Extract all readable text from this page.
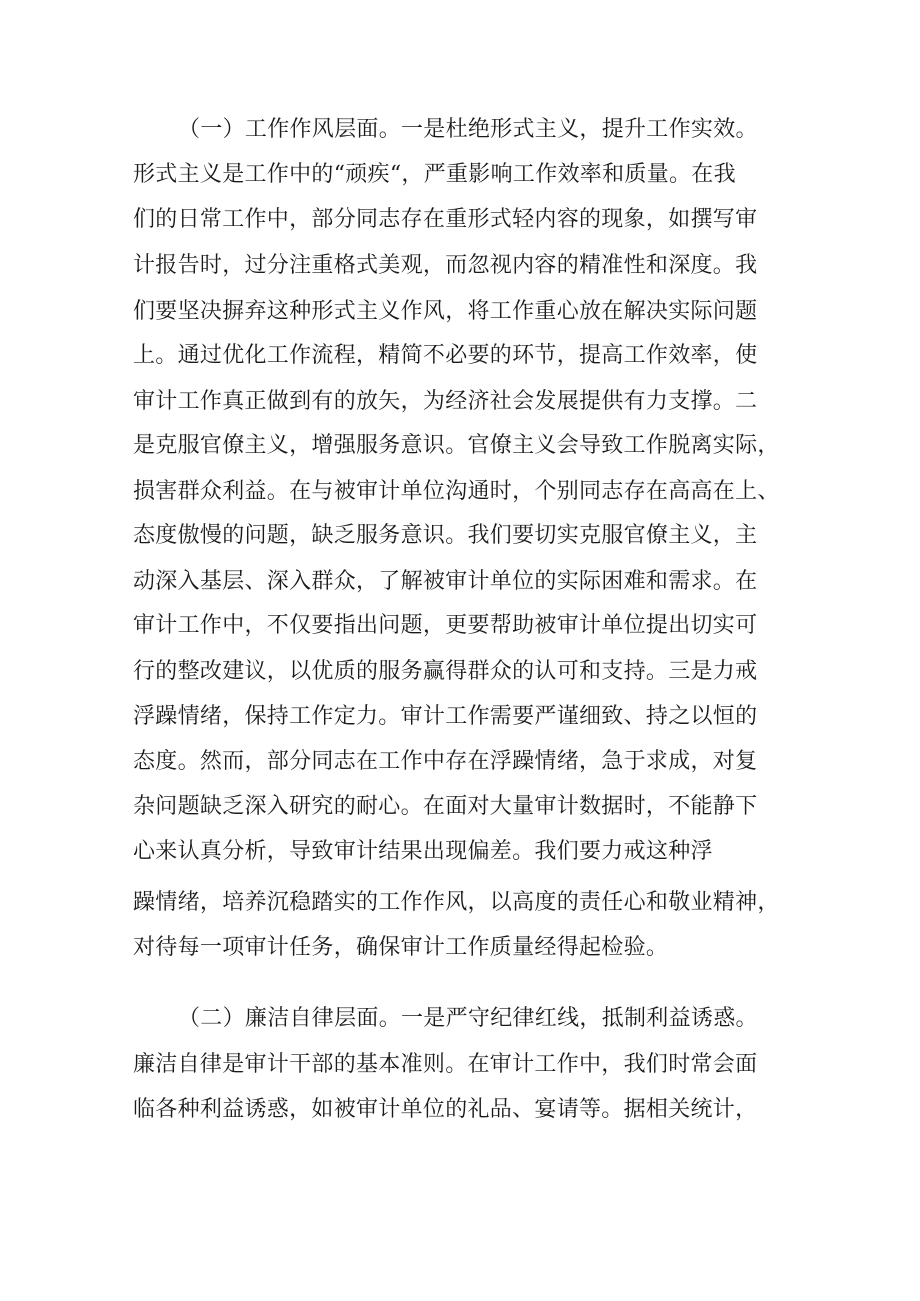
（一）工作作风层面。一是杜绝形式主义，提升工作实效。

形式主义是工作中的“顽疾“，严重影响工作效率和质量。在我

们的日常工作中，部分同志存在重形式轻内容的现象，如撰写审

计报告时，过分注重格式美观，而忽视内容的精准性和深度。我

们要坚决摒弃这种形式主义作风，将工作重心放在解决实际问题

上。通过优化工作流程，精简不必要的环节，提高工作效率，使

审计工作真正做到有的放矢，为经济社会发展提供有力支撑。二

是克服官僚主义，增强服务意识。官僚主义会导致工作脱离实际，

损害群众利益。在与被审计单位沟通时，个别同志存在高高在上、

态度傲慢的问题，缺乏服务意识。我们要切实克服官僚主义，主

动深入基层、深入群众，了解被审计单位的实际困难和需求。在

审计工作中，不仅要指出问题，更要帮助被审计单位提出切实可

行的整改建议，以优质的服务赢得群众的认可和支持。三是力戒

浮躁情绪，保持工作定力。审计工作需要严谨细致、持之以恒的

态度。然而，部分同志在工作中存在浮躁情绪，急于求成，对复

杂问题缺乏深入研究的耐心。在面对大量审计数据时，不能静下

心来认真分析，导致审计结果出现偏差。我们要力戒这种浮

躁情绪，培养沉稳踏实的工作作风，以高度的责任心和敬业精神，

对待每一项审计任务，确保审计工作质量经得起检验。

（二）廉洁自律层面。一是严守纪律红线，抵制利益诱惑。

廉洁自律是审计干部的基本准则。在审计工作中，我们时常会面

临各种利益诱惑，如被审计单位的礼品、宴请等。据相关统计，
